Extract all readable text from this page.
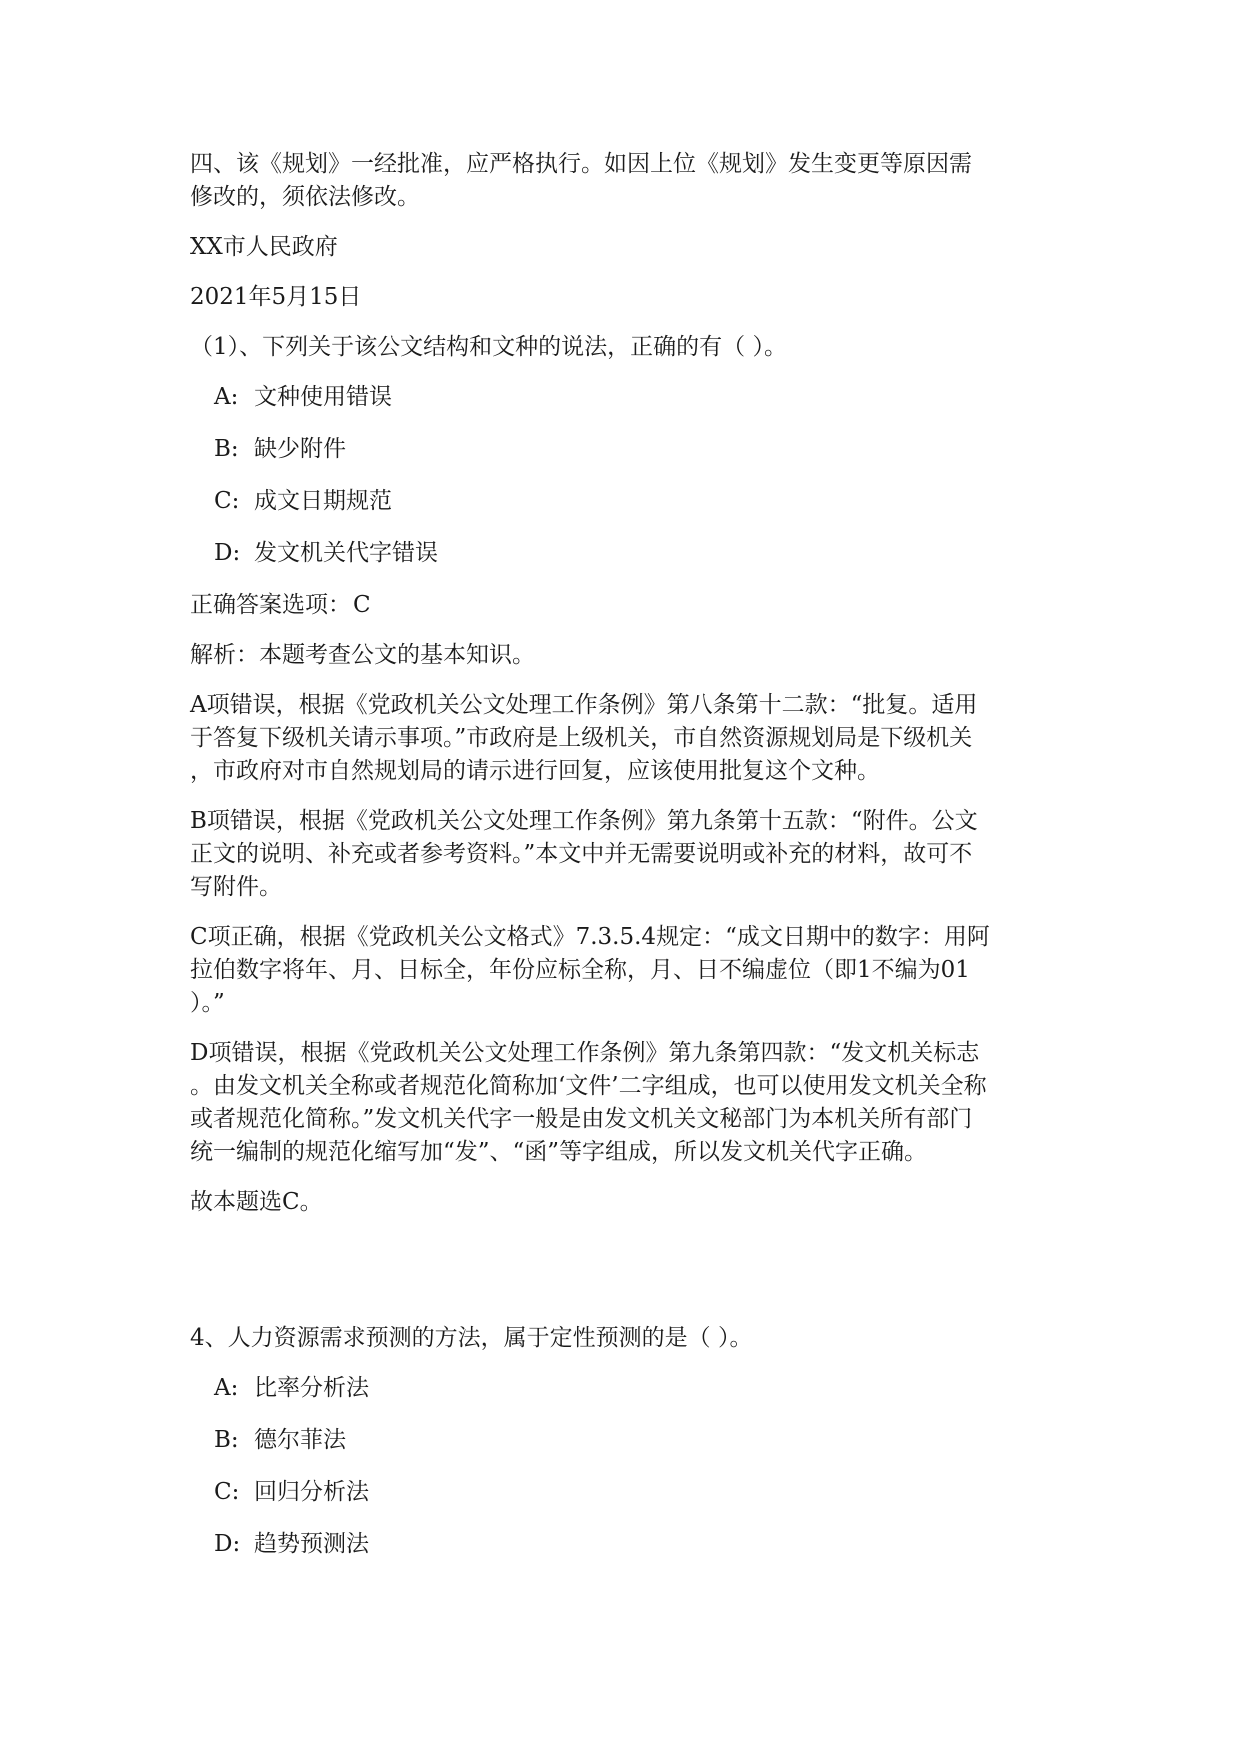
四、该《规划》一经批准，应严格执行。如因上位《规划》发生变更等原因需
修改的，须依法修改。
XX市人民政府
2021年5月15日
（1）、下列关于该公文结构和文种的说法，正确的有（ ）。
A: 文种使用错误
B: 缺少附件
C: 成文日期规范
D: 发文机关代字错误
正确答案选项：C
解析：本题考查公文的基本知识。
A项错误，根据《党政机关公文处理工作条例》第八条第十二款：“批复。适用
于答复下级机关请示事项。”市政府是上级机关，市自然资源规划局是下级机关
，市政府对市自然规划局的请示进行回复，应该使用批复这个文种。
B项错误，根据《党政机关公文处理工作条例》第九条第十五款：“附件。公文
正文的说明、补充或者参考资料。”本文中并无需要说明或补充的材料，故可不
写附件。
C项正确，根据《党政机关公文格式》7.3.5.4规定：“成文日期中的数字：用阿
拉伯数字将年、月、日标全，年份应标全称，月、日不编虚位（即1不编为01
）。”
D项错误，根据《党政机关公文处理工作条例》第九条第四款：“发文机关标志
。由发文机关全称或者规范化简称加‘文件’二字组成，也可以使用发文机关全称
或者规范化简称。”发文机关代字一般是由发文机关文秘部门为本机关所有部门
统一编制的规范化缩写加“发”、“函”等字组成，所以发文机关代字正确。
故本题选C。
4、人力资源需求预测的方法，属于定性预测的是（ ）。
A: 比率分析法
B: 德尔菲法
C: 回归分析法
D: 趋势预测法
